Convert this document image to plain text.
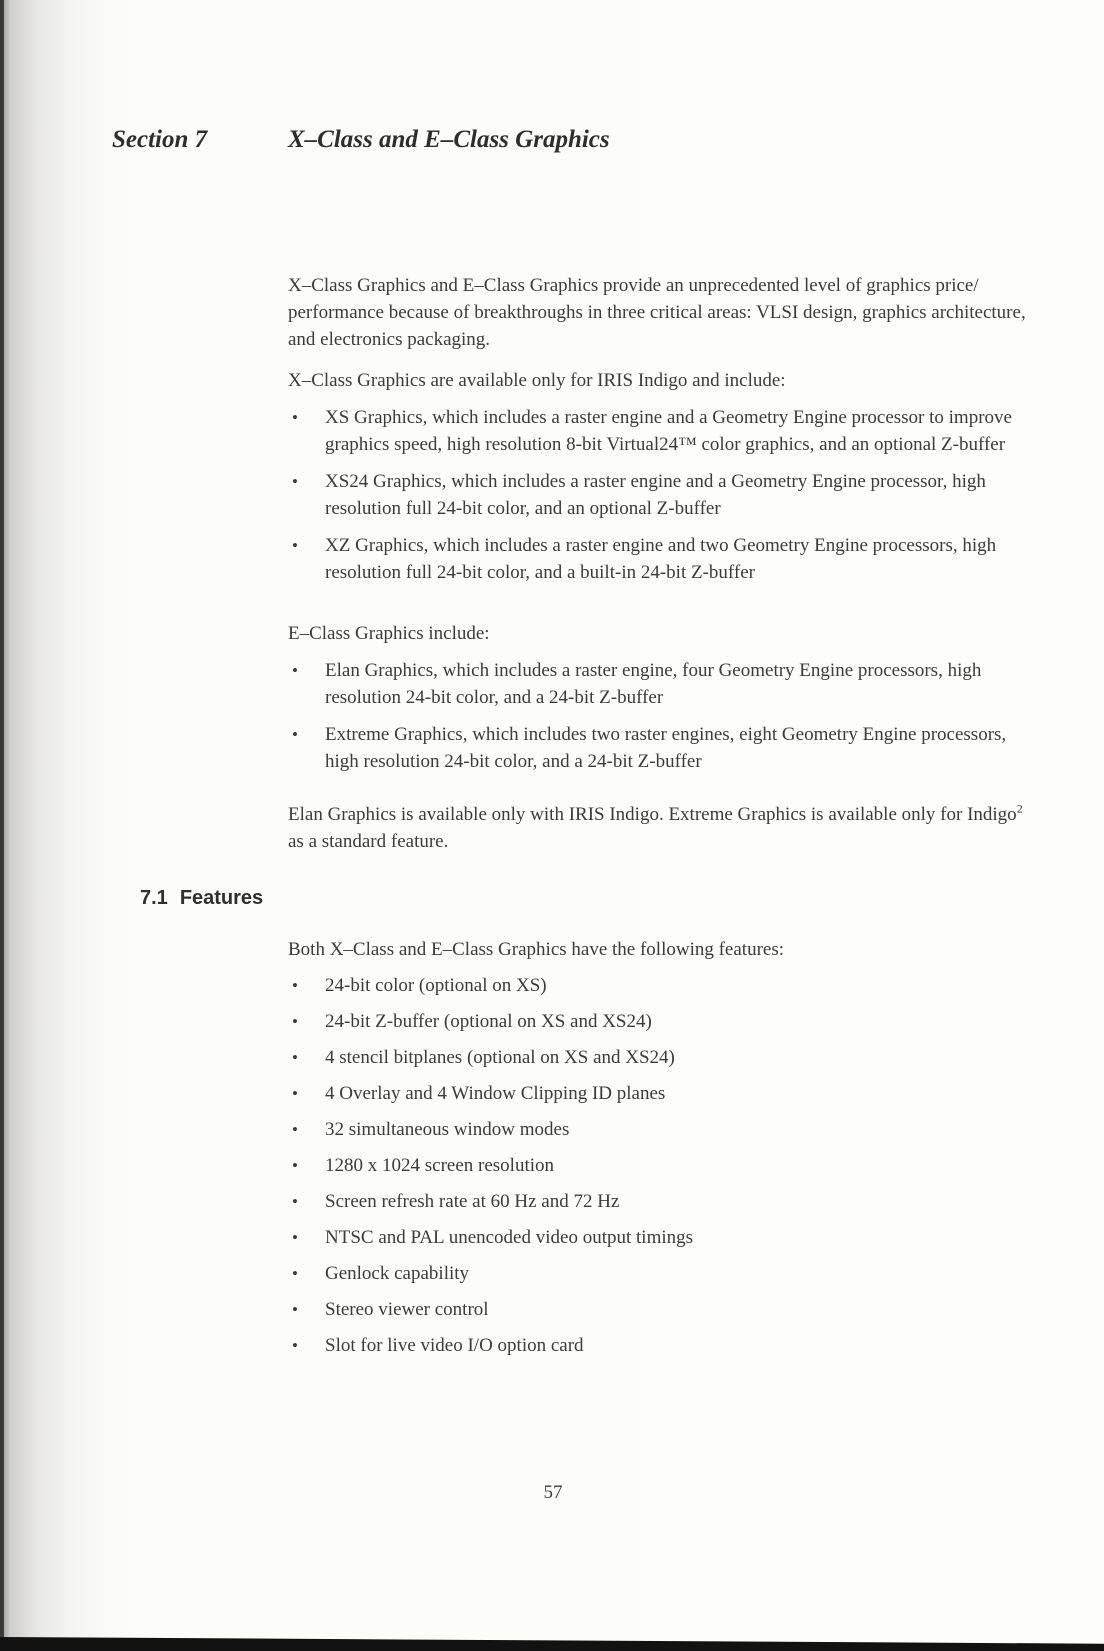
Section 7	X–Class and E–Class Graphics

X–Class Graphics and E–Class Graphics provide an unprecedented level of graphics price/ performance because of breakthroughs in three critical areas: VLSI design, graphics architecture, and electronics packaging.

X–Class Graphics are available only for IRIS Indigo and include:

•	XS Graphics, which includes a raster engine and a Geometry Engine processor to improve graphics speed, high resolution 8-bit Virtual24™ color graphics, and an optional Z-buffer
•	XS24 Graphics, which includes a raster engine and a Geometry Engine processor, high resolution full 24-bit color, and an optional Z-buffer
•	XZ Graphics, which includes a raster engine and two Geometry Engine processors, high resolution full 24-bit color, and a built-in 24-bit Z-buffer

E–Class Graphics include:

•	Elan Graphics, which includes a raster engine, four Geometry Engine processors, high resolution 24-bit color, and a 24-bit Z-buffer
•	Extreme Graphics, which includes two raster engines, eight Geometry Engine processors, high resolution 24-bit color, and a 24-bit Z-buffer

Elan Graphics is available only with IRIS Indigo. Extreme Graphics is available only for Indigo$^2$ as a standard feature.

7.1 Features

Both X–Class and E–Class Graphics have the following features:

•	24-bit color (optional on XS)
•	24-bit Z-buffer (optional on XS and XS24)
•	4 stencil bitplanes (optional on XS and XS24)
•	4 Overlay and 4 Window Clipping ID planes
•	32 simultaneous window modes
•	1280 x 1024 screen resolution
•	Screen refresh rate at 60 Hz and 72 Hz
•	NTSC and PAL unencoded video output timings
•	Genlock capability
•	Stereo viewer control
•	Slot for live video I/O option card
57
